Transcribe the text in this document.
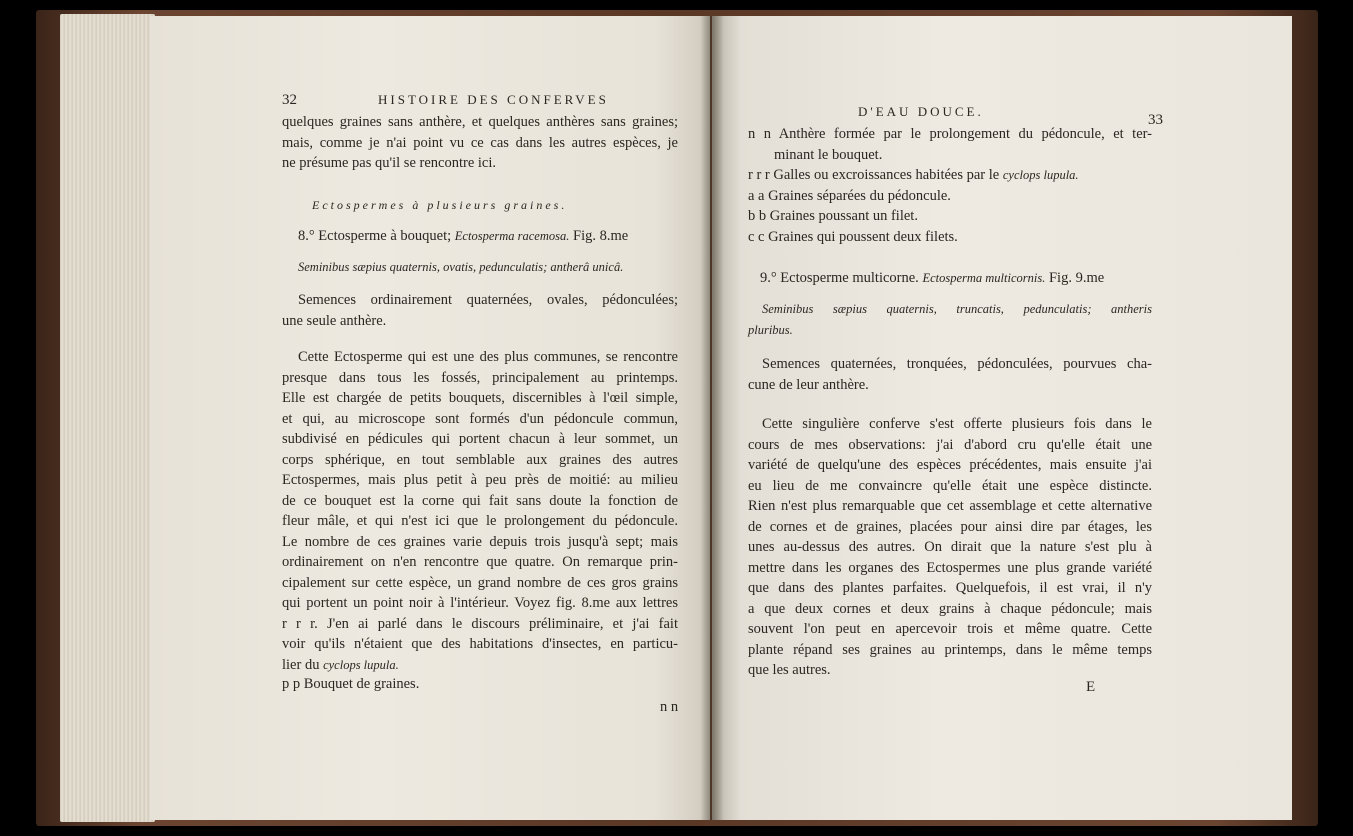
32	HISTOIRE DES CONFERVES
quelques graines sans anthère, et quelques anthères sans graines;
mais, comme je n'ai point vu ce cas dans les autres espèces, je
ne présume pas qu'il se rencontre ici.
Ectospermes à plusieurs graines.
8.° Ectosperme à bouquet; Ectosperma racemosa. Fig. 8.me
Seminibus sæpius quaternis, ovatis, pedunculatis; antherâ unicâ.
Semences ordinairement quaternées, ovales, pédonculées;
une seule anthère.
Cette Ectosperme qui est une des plus communes, se rencontre
presque dans tous les fossés, principalement au printemps.
Elle est chargée de petits bouquets, discernibles à l'œil simple,
et qui, au microscope sont formés d'un pédoncule commun,
subdivisé en pédicules qui portent chacun à leur sommet, un
corps sphérique, en tout semblable aux graines des autres
Ectospermes, mais plus petit à peu près de moitié: au milieu
de ce bouquet est la corne qui fait sans doute la fonction de
fleur mâle, et qui n'est ici que le prolongement du pédoncule.
Le nombre de ces graines varie depuis trois jusqu'à sept; mais
ordinairement on n'en rencontre que quatre. On remarque prin-
cipalement sur cette espèce, un grand nombre de ces gros grains
qui portent un point noir à l'intérieur. Voyez fig. 8.me aux lettres
r r r. J'en ai parlé dans le discours préliminaire, et j'ai fait
voir qu'ils n'étaient que des habitations d'insectes, en particu-
lier du cyclops lupula.
p p Bouquet de graines.
n n
D'EAU DOUCE.
33
n n Anthère formée par le prolongement du pédoncule, et ter-
minant le bouquet.
r r r Galles ou excroissances habitées par le cyclops lupula.
a a Graines séparées du pédoncule.
b b Graines poussant un filet.
c c Graines qui poussent deux filets.
9.° Ectosperme multicorne. Ectosperma multicornis. Fig. 9.me
Seminibus sæpius quaternis, truncatis, pedunculatis; antheris
pluribus.
Semences quaternées, tronquées, pédonculées, pourvues cha-
cune de leur anthère.
Cette singulière conferve s'est offerte plusieurs fois dans le
cours de mes observations: j'ai d'abord cru qu'elle était une
variété de quelqu'une des espèces précédentes, mais ensuite j'ai
eu lieu de me convaincre qu'elle était une espèce distincte.
Rien n'est plus remarquable que cet assemblage et cette alternative
de cornes et de graines, placées pour ainsi dire par étages, les
unes au-dessus des autres. On dirait que la nature s'est plu à
mettre dans les organes des Ectospermes une plus grande variété
que dans des plantes parfaites. Quelquefois, il est vrai, il n'y
a que deux cornes et deux grains à chaque pédoncule; mais
souvent l'on peut en apercevoir trois et même quatre. Cette
plante répand ses graines au printemps, dans le même temps
que les autres.
E
